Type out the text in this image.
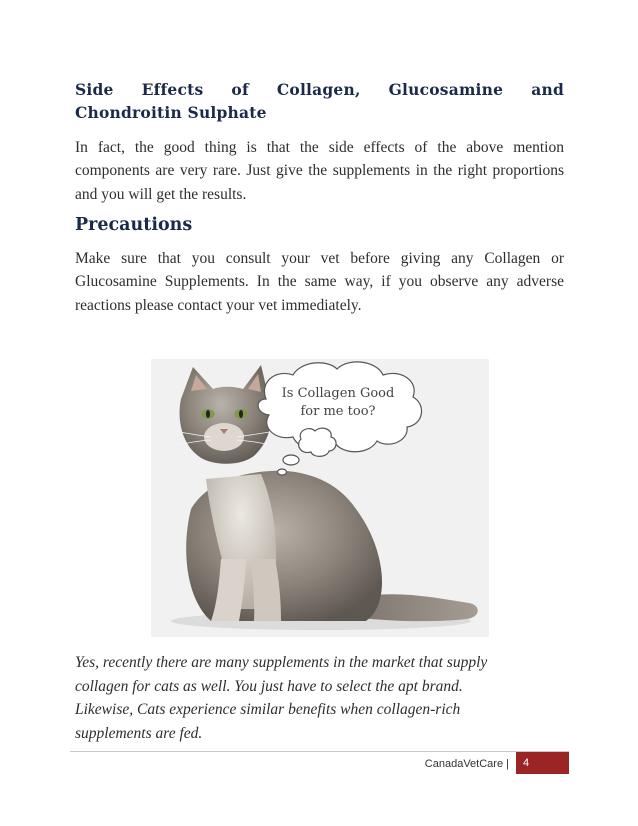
Side Effects of Collagen, Glucosamine and Chondroitin Sulphate

In fact, the good thing is that the side effects of the above mention components are very rare. Just give the supplements in the right proportions and you will get the results.

Precautions

Make sure that you consult your vet before giving any Collagen or Glucosamine Supplements. In the same way, if you observe any adverse reactions please contact your vet immediately.

Is Collagen Good
for me too?

Yes, recently there are many supplements in the market that supply
collagen for cats as well. You just have to select the apt brand.
Likewise, Cats experience similar benefits when collagen-rich
supplements are fed.

CanadaVetCare |	4
